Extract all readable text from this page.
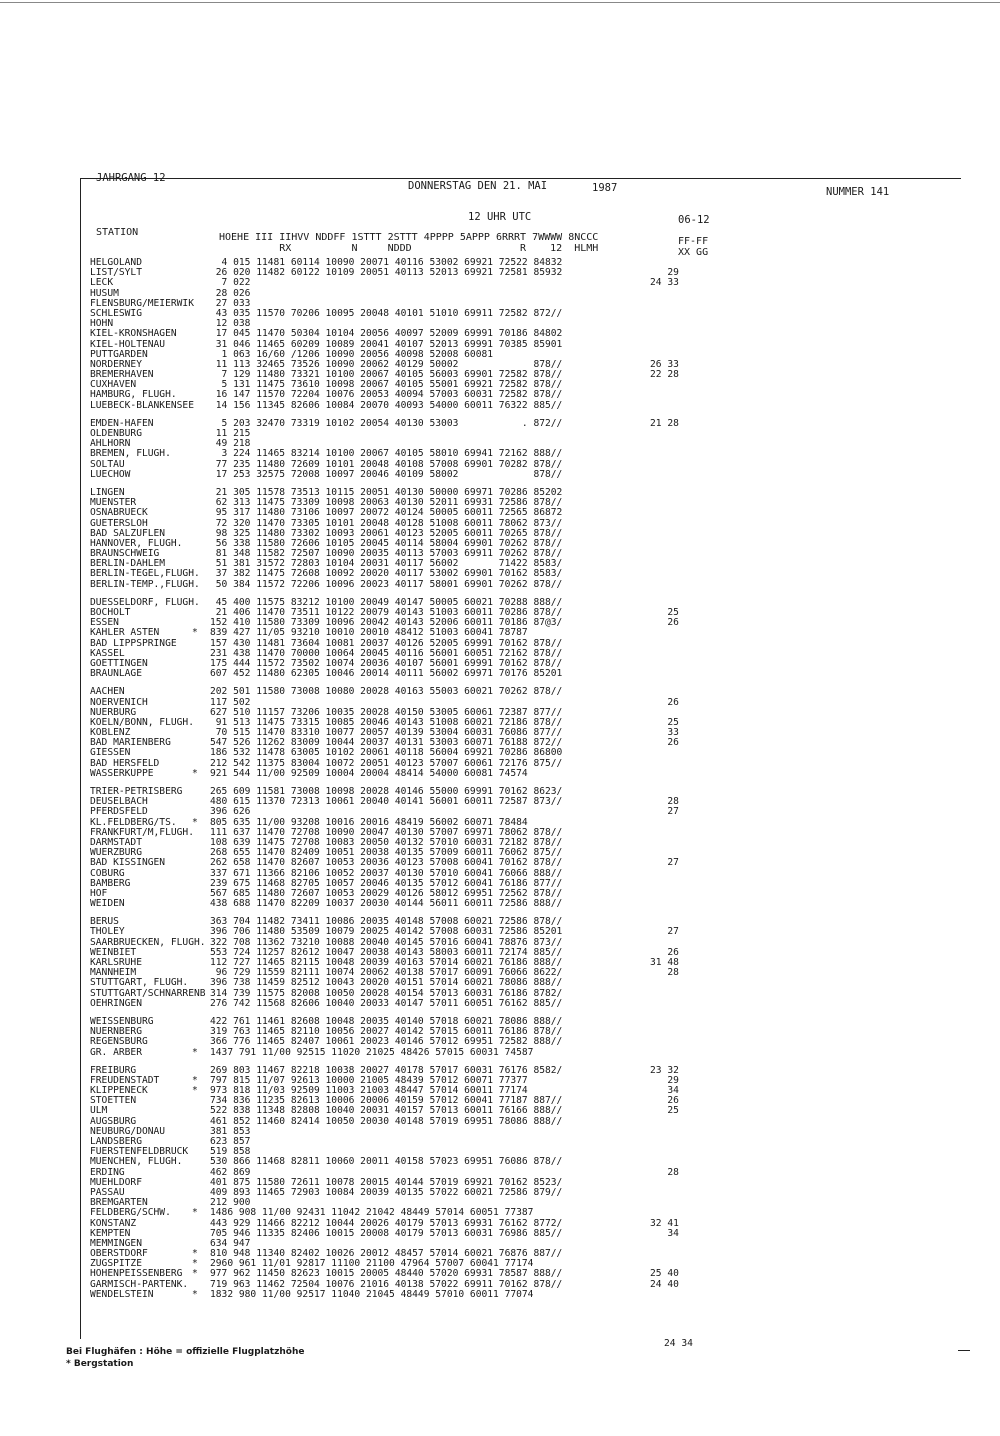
JAHRGANG 12
DONNERSTAG DEN 21. MAI	1987	NUMMER 141
12 UHR UTC	06-12
STATION	HOEHE III IIHVV NDDFF 1STTT 2STTT 4PPPP 5APPP 6RRRT 7WWWW 8NCCC
RX          N     NDDD                  R    12  HLMH
FF-FF
XX GG
HELGOLAND	4 015 11481 60114 10090 20071 40116 53002 69921 72522 84832
LIST/SYLT	26 020 11482 60122 10109 20051 40113 52013 69921 72581 85932	29
LECK	7 022	24 33
HUSUM	28 026
FLENSBURG/MEIERWIK 27 033
SCHLESWIG	43 035 11570 70206 10095 20048 40101 51010 69911 72582 872//
HOHN	12 038
KIEL-KRONSHAGEN	17 045 11470 50304 10104 20056 40097 52009 69991 70186 84802
KIEL-HOLTENAU	31 046 11465 60209 10089 20041 40107 52013 69991 70385 85901
PUTTGARDEN	1 063 16/60 /1206 10090 20056 40098 52008 60081
NORDERNEY	11 113 32465 73526 10090 20062 40129 50002             878//	26 33
BREMERHAVEN	7 129 11480 73321 10100 20067 40105 56003 69901 72582 878//	22 28
CUXHAVEN	5 131 11475 73610 10098 20067 40105 55001 69921 72582 878//
HAMBURG, FLUGH.	16 147 11570 72204 10076 20053 40094 57003 60031 72582 878//
LUEBECK-BLANKENSEE 14 156 11345 82606 10084 20070 40093 54000 60011 76322 885//
EMDEN-HAFEN	5 203 32470 73319 10102 20054 40130 53003           . 872//	21 28
OLDENBURG	11 215
AHLHORN	49 218
BREMEN, FLUGH.	3 224 11465 83214 10100 20067 40105 58010 69941 72162 888//
SOLTAU	77 235 11480 72609 10101 20048 40108 57008 69901 70282 878//
LUECHOW	17 253 32575 72008 10097 20046 40109 58002             878//
LINGEN	21 305 11578 73513 10115 20051 40130 50000 69971 70286 85202
MUENSTER	62 313 11475 73309 10098 20063 40130 52011 69931 72586 878//
OSNABRUECK	95 317 11480 73106 10097 20072 40124 50005 60011 72565 86872
GUETERSLOH	72 320 11470 73305 10101 20048 40128 51008 60011 78062 873//
BAD SALZUFLEN	98 325 11480 73302 10093 20061 40123 52005 60011 70265 878//
HANNOVER, FLUGH.	56 338 11580 72606 10105 20045 40114 58004 69901 70262 878//
BRAUNSCHWEIG	81 348 11582 72507 10090 20035 40113 57003 69911 70262 878//
BERLIN-DAHLEM	51 381 31572 72803 10104 20031 40117 56002       71422 8583/
BERLIN-TEGEL,FLUGH. 37 382 11475 72608 10092 20020 40117 53002 69901 70162 8583/
BERLIN-TEMP.,FLUGH. 50 384 11572 72206 10096 20023 40117 58001 69901 70262 878//
DUESSELDORF, FLUGH. 45 400 11575 83212 10100 20049 40147 50005 60021 70288 888//
BOCHOLT	21 406 11470 73511 10122 20079 40143 51003 60011 70286 878//	25
ESSEN	152 410 11580 73309 10096 20042 40143 52006 60011 70186 87@3/	26
KAHLER ASTEN	* 839 427 11/05 93210 10010 20010 48412 51003 60041 78787
BAD LIPPSPRINGE	157 430 11481 73604 10081 20037 40126 52005 69991 70162 878//
KASSEL	231 438 11470 70000 10064 20045 40116 56001 60051 72162 878//
GOETTINGEN	175 444 11572 73502 10074 20036 40107 56001 69991 70162 878//
BRAUNLAGE	607 452 11480 62305 10046 20014 40111 56002 69971 70176 85201
AACHEN	202 501 11580 73008 10080 20028 40163 55003 60021 70262 878//
NOERVENICH	117 502	26
NUERBURG	627 510 11157 73206 10035 20028 40150 53005 60061 72387 877//
KOELN/BONN, FLUGH. 91 513 11475 73315 10085 20046 40143 51008 60021 72186 878//	25
KOBLENZ	70 515 11470 83310 10077 20057 40139 53004 60031 76086 877//	33
BAD MARIENBERG	547 526 11262 83009 10044 20037 40131 53003 60071 76188 872//	26
GIESSEN	186 532 11478 63005 10102 20061 40118 56004 69921 70286 86800
BAD HERSFELD	212 542 11375 83004 10072 20051 40123 57007 60061 72176 875//
WASSERKUPPE	* 921 544 11/00 92509 10004 20004 48414 54000 60081 74574
TRIER-PETRISBERG	265 609 11581 73008 10098 20028 40146 55000 69991 70162 8623/
DEUSELBACH	480 615 11370 72313 10061 20040 40141 56001 60011 72587 873//	28
PFERDSFELD	396 626	27
KL.FELDBERG/TS. * 805 635 11/00 93208 10016 20016 48419 56002 60071 78484
FRANKFURT/M,FLUGH. 111 637 11470 72708 10090 20047 40130 57007 69971 78062 878//
DARMSTADT	108 639 11475 72708 10083 20050 40132 57010 60031 72182 878//
WUERZBURG	268 655 11470 82409 10051 20038 40135 57009 60011 76062 875//
BAD KISSINGEN	262 658 11470 82607 10053 20036 40123 57008 60041 70162 878//	27
COBURG	337 671 11366 82106 10052 20037 40130 57010 60041 76066 888//
BAMBERG	239 675 11468 82705 10057 20046 40135 57012 60041 76186 877//
HOF	567 685 11480 72607 10053 20029 40126 58012 69951 72562 878//
WEIDEN	438 688 11470 82209 10037 20030 40144 56011 60011 72586 888//
BERUS	363 704 11482 73411 10086 20035 40148 57008 60021 72586 878//
THOLEY	396 706 11480 53509 10079 20025 40142 57008 60031 72586 85201	27
SAARBRUECKEN, FLUGH. 322 708 11362 73210 10088 20040 40145 57016 60041 78876 873//
WEINBIET	553 724 11257 82612 10047 20038 40143 58003 60011 72174 885//	26
KARLSRUHE	112 727 11465 82115 10048 20039 40163 57014 60021 76186 888//	31 48
MANNHEIM	96 729 11559 82111 10074 20062 40138 57017 60091 76066 8622/	28
STUTTGART, FLUGH. 396 738 11459 82512 10043 20020 40151 57014 60021 78086 888//
STUTTGART/SCHNARRENB 314 739 11575 82008 10050 20028 40154 57013 60031 76186 8782/
OEHRINGEN	276 742 11568 82606 10040 20033 40147 57011 60051 76162 885//
WEISSENBURG	422 761 11461 82608 10048 20035 40140 57018 60021 78086 888//
NUERNBERG	319 763 11465 82110 10056 20027 40142 57015 60011 76186 878//
REGENSBURG	366 776 11465 82407 10061 20023 40146 57012 69951 72582 888//
GR. ARBER	* 1437 791 11/00 92515 11020 21025 48426 57015 60031 74587
FREIBURG	269 803 11467 82218 10038 20027 40178 57017 60031 76176 8582/	23 32
FREUDENSTADT	* 797 815 11/07 92613 10000 21005 48439 57012 60071 77377	29
KLIPPENECK	* 973 818 11/03 92509 11003 21003 48447 57014 60011 77174	34
STOETTEN	734 836 11235 82613 10006 20006 40159 57012 60041 77187 887//	26
ULM	522 838 11348 82808 10040 20031 40157 57013 60011 76166 888//	25
AUGSBURG	461 852 11460 82414 10050 20030 40148 57019 69951 78086 888//
NEUBURG/DONAU	381 853
LANDSBERG	623 857
FUERSTENFELDBRUCK 519 858
MUENCHEN, FLUGH.	530 866 11468 82811 10060 20011 40158 57023 69951 76086 878//
ERDING	462 869	28
MUEHLDORF	401 875 11580 72611 10078 20015 40144 57019 69921 70162 8523/
PASSAU	409 893 11465 72903 10084 20039 40135 57022 60021 72586 879//
BREMGARTEN	212 900
FELDBERG/SCHW. * 1486 908 11/00 92431 11042 21042 48449 57014 60051 77387
KONSTANZ	443 929 11466 82212 10044 20026 40179 57013 69931 76162 8772/	32 41
KEMPTEN	705 946 11335 82406 10015 20008 40179 57013 60031 76986 885//	34
MEMMINGEN	634 947
OBERSTDORF	* 810 948 11340 82402 10026 20012 48457 57014 60021 76876 887//
ZUGSPITZE	* 2960 961 11/01 92817 11100 21100 47964 57007 60041 77174
HOHENPEISSENBERG * 977 962 11450 82623 10015 20005 48440 57020 69931 78587 888//	25 40
GARMISCH-PARTENK. 719 963 11462 72504 10076 21016 40138 57022 69911 70162 878//	24 40
WENDELSTEIN	* 1832 980 11/00 92517 11040 21045 48449 57010 60011 77074
24 34
Bei Flughäfen : Höhe = offizielle Flugplatzhöhe
* Bergstation
